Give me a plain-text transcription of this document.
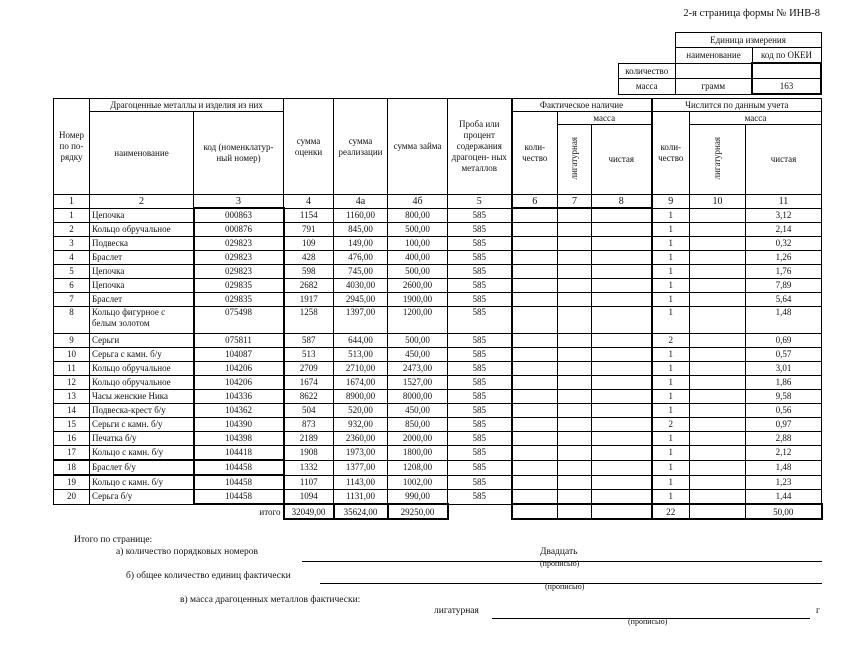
2-я страница формы № ИНВ-8
	Единица измерения	
	наименование	код по ОКЕИ
количество		
масса	грамм	163
Номер по по- рядку	Драгоценные металлы и изделия из них		сумма оценки	сумма реализации	сумма займа	Проба или процент содержания драгоцен- ных металлов	Фактическое наличие			Числится по данным учета		
	наименование	код (номенклатур- ный номер)					коли- чество	масса		коли- чество	масса	
								лигатурная	чистая		лигатурная	чистая
1	2	3	4	4а	4б	5	6	7	8	9	10	11
1	Цепочка	000863	1154	1160,00	800,00	585				1		3,12
2	Кольцо обручальное	000876	791	845,00	500,00	585				1		2,14
3	Подвеска	029823	109	149,00	100,00	585				1		0,32
4	Браслет	029823	428	476,00	400,00	585				1		1,26
5	Цепочка	029823	598	745,00	500,00	585				1		1,76
6	Цепочка	029835	2682	4030,00	2600,00	585				1		7,89
7	Браслет	029835	1917	2945,00	1900,00	585				1		5,64
8	Кольцо фигурное с белым золотом	075498	1258	1397,00	1200,00	585				1		1,48
9	Серьги	075811	587	644,00	500,00	585				2		0,69
10	Серьга с камн. б/у	104087	513	513,00	450,00	585				1		0,57
11	Кольцо обручальное	104206	2709	2710,00	2473,00	585				1		3,01
12	Кольцо обручальное	104206	1674	1674,00	1527,00	585				1		1,86
13	Часы женские Ника	104336	8622	8900,00	8000,00	585				1		9,58
14	Подвеска-крест б/у	104362	504	520,00	450,00	585				1		0,56
15	Серьги с камн. б/у	104390	873	932,00	850,00	585				2		0,97
16	Печатка б/у	104398	2189	2360,00	2000,00	585				1		2,88
17	Кольцо с камн. б/у	104418	1908	1973,00	1800,00	585				1		2,12
18	Браслет б/у	104458	1332	1377,00	1208,00	585				1		1,48
19	Кольцо с камн. б/у	104458	1107	1143,00	1002,00	585				1		1,23
20	Серьга б/у	104458	1094	1131,00	990,00	585				1		1,44
		итого	32049,00	35624,00	29250,00					22		50,00
Итого по странице:
а) количество порядковых номеров	Двадцать
(прописью)
б) общее количество единиц фактически
(прописью)
в) масса драгоценных металлов фактически:
лигатурная	г
(прописью)
